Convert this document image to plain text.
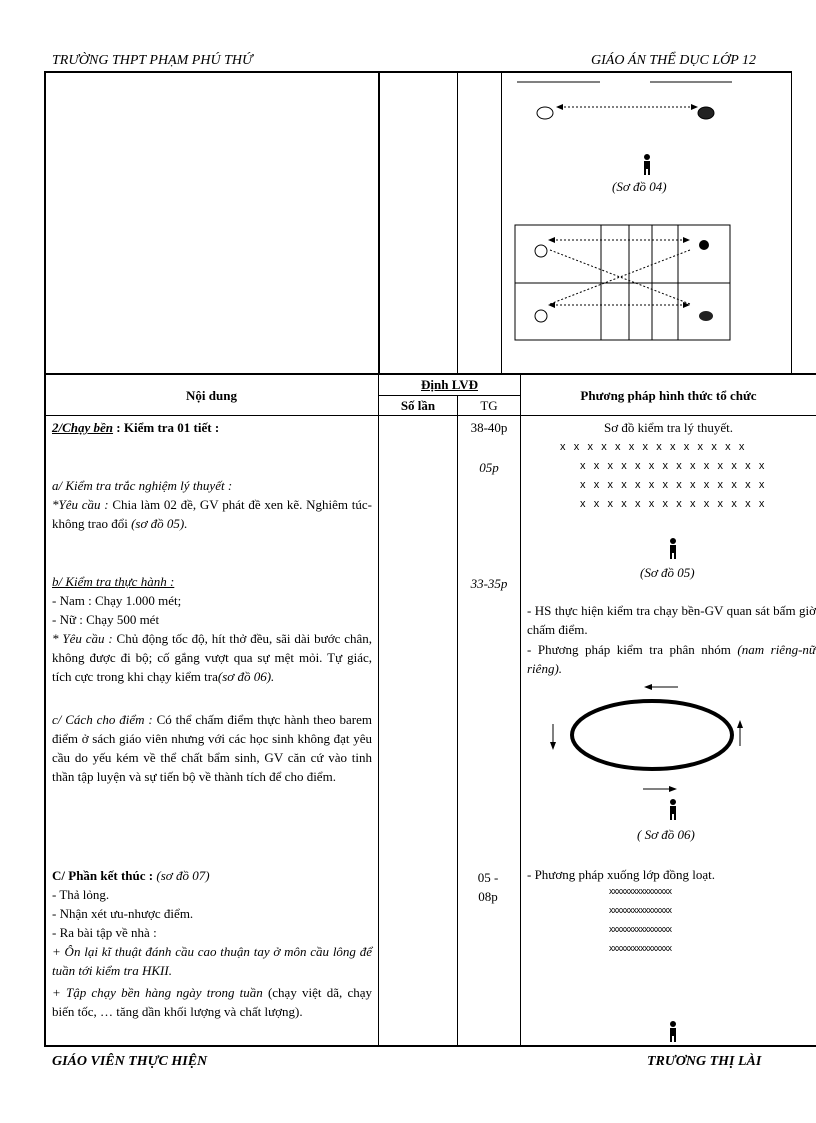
TRƯỜNG THPT PHẠM PHÚ THỨ	GIÁO ÁN THỂ DỤC LỚP 12
(Sơ đồ 04)
Nội dung
Định LVĐ
Số lần	TG
Phương pháp hình thức tổ chức
2/Chạy bền : Kiểm tra 01 tiết :	38-40p
a/ Kiểm tra trắc nghiệm lý thuyết :
05p
*Yêu cầu : Chia làm 02 đề, GV phát đề xen kẽ. Nghiêm túc-không trao đổi (sơ đồ 05).
b/ Kiểm tra thực hành :	33-35p
- Nam : Chạy 1.000 mét;
- Nữ : Chạy 500 mét
* Yêu cầu : Chủ động tốc độ, hít thở đều, sãi dài bước chân, không được đi bộ; cố gắng vượt qua sự mệt mỏi. Tự giác, tích cực trong khi chạy kiểm tra(sơ đồ 06).
c/ Cách cho điểm : Có thể chấm điểm thực hành theo barem điểm ở sách giáo viên nhưng với các học sinh không đạt yêu cầu do yếu kém về thể chất bẩm sinh, GV căn cứ vào tinh thần tập luyện và sự tiến bộ về thành tích để cho điểm.
Sơ đồ kiểm tra lý thuyết.
x x x x x x x x x x x x x x
x x x x x x x x x x x x x x
x x x x x x x x x x x x x x
x x x x x x x x x x x x x x
(Sơ đồ 05)
- HS thực hiện kiểm tra chạy bền-GV quan sát bấm giờ chấm điểm.
- Phương pháp kiểm tra phân nhóm (nam riêng-nữ riêng).
( Sơ đồ 06)
C/ Phần kết thúc : (sơ đồ 07)	05 - 08p
- Thả lỏng.
- Nhận xét ưu-nhược điểm.
- Ra bài tập về nhà :
+ Ôn lại kĩ thuật đánh cầu cao thuận tay ở môn cầu lông để tuần tới kiểm tra HKII.
+ Tập chạy bền hàng ngày trong tuần (chạy việt dã, chạy biến tốc, … tăng dần khối lượng và chất lượng).
- Phương pháp xuống lớp đồng loạt.
xxxxxxxxxxxxxxxx
xxxxxxxxxxxxxxxx
xxxxxxxxxxxxxxxx
xxxxxxxxxxxxxxxx
GIÁO VIÊN THỰC HIỆN	TRƯƠNG THỊ LÀI
